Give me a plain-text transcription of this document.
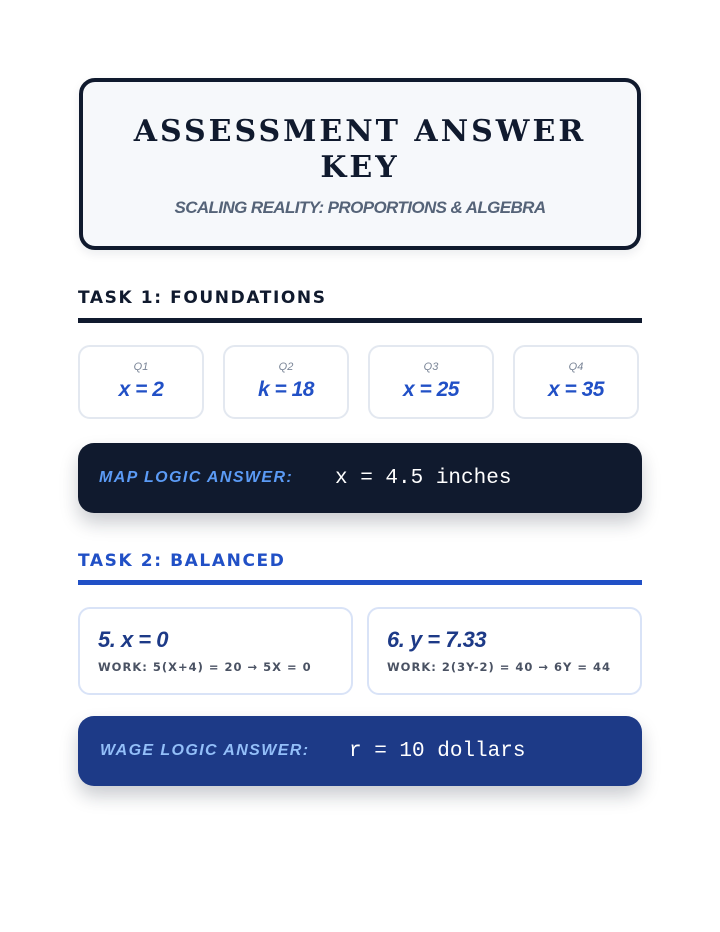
ASSESSMENT ANSWER KEY
SCALING REALITY: PROPORTIONS & ALGEBRA
TASK 1: FOUNDATIONS
Q1
x = 2
Q2
k = 18
Q3
x = 25
Q4
x = 35
MAP LOGIC ANSWER:	x = 4.5 inches
TASK 2: BALANCED
5. x = 0
WORK: 5(X+4) = 20 → 5X = 0
6. y = 7.33
WORK: 2(3Y-2) = 40 → 6Y = 44
WAGE LOGIC ANSWER:	r = 10 dollars
